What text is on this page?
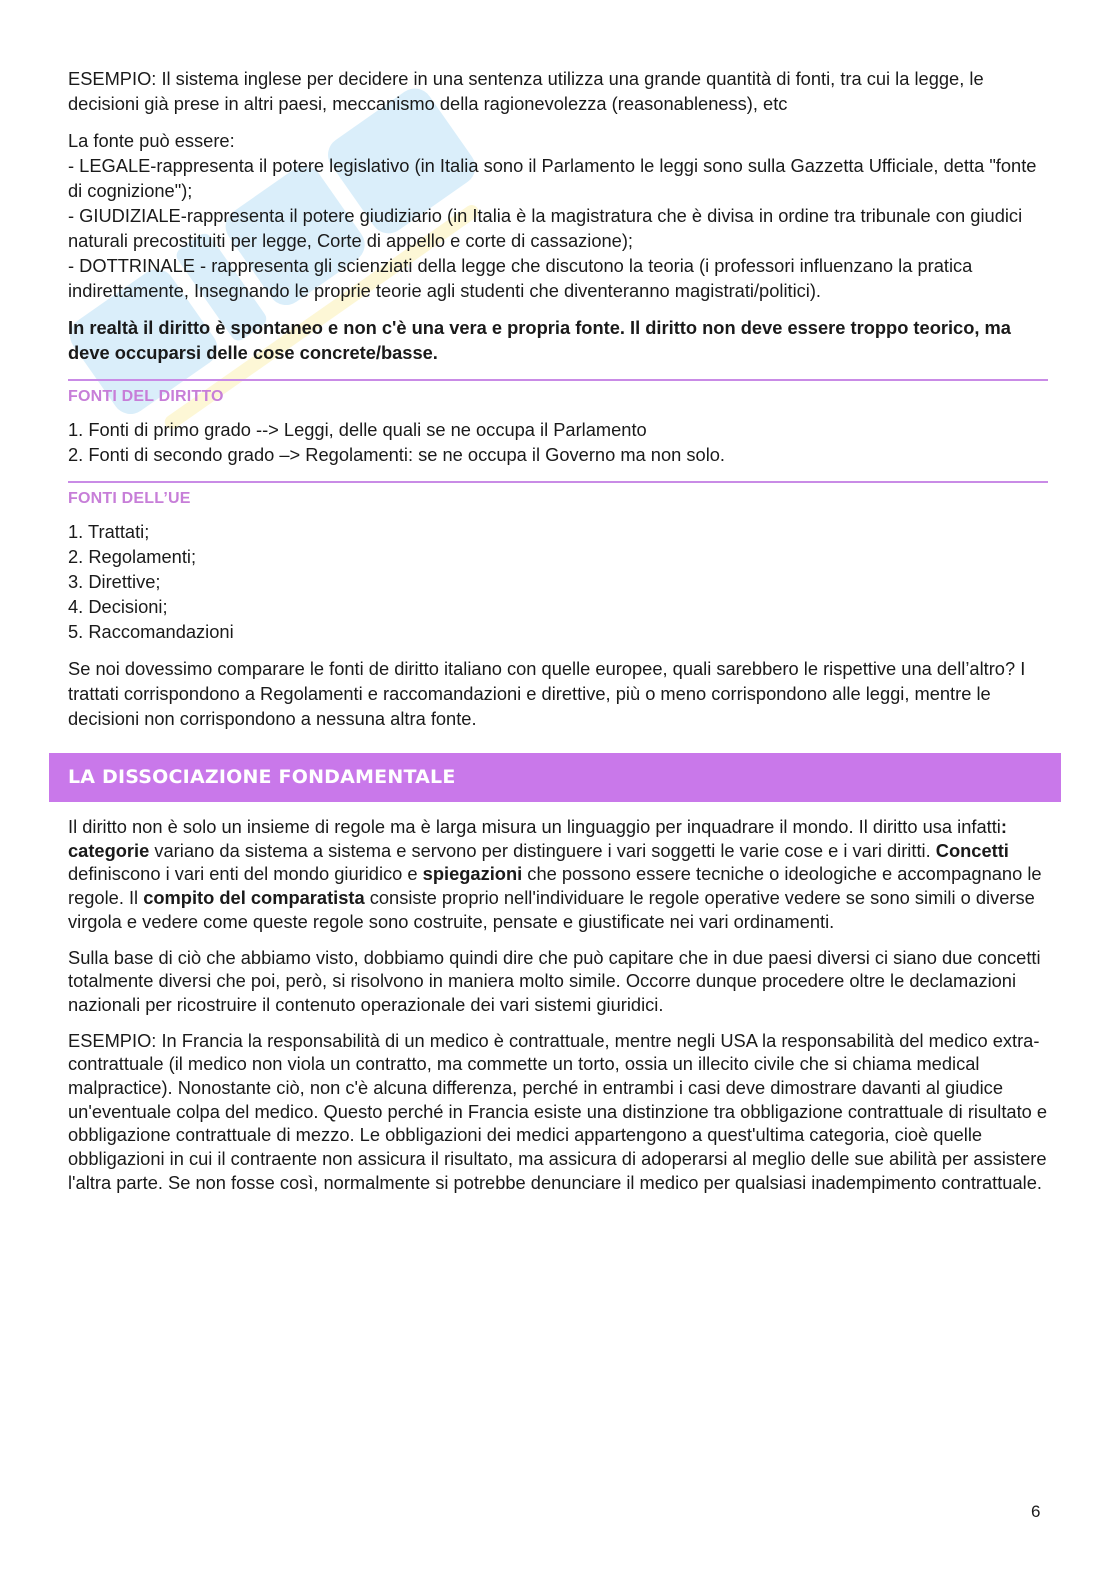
ESEMPIO: Il sistema inglese per decidere in una sentenza utilizza una grande quantità di fonti, tra cui la legge, le decisioni già prese in altri paesi, meccanismo della ragionevolezza (reasonableness), etc

La fonte può essere:

- LEGALE-rappresenta il potere legislativo (in Italia sono il Parlamento le leggi sono sulla Gazzetta Ufficiale, detta "fonte di cognizione");

- GIUDIZIALE-rappresenta il potere giudiziario (in Italia è la magistratura che è divisa in ordine tra tribunale con giudici naturali precostituiti per legge, Corte di appello e corte di cassazione);

- DOTTRINALE - rappresenta gli scienziati della legge che discutono la teoria (i professori influenzano la pratica indirettamente, Insegnando le proprie teorie agli studenti che diventeranno magistrati/politici).

In realtà il diritto è spontaneo e non c'è una vera e propria fonte. Il diritto non deve essere troppo teorico, ma deve occuparsi delle cose concrete/basse.

FONTI DEL DIRITTO

1. Fonti di primo grado --> Leggi, delle quali se ne occupa il Parlamento

2. Fonti di secondo grado –> Regolamenti: se ne occupa il Governo ma non solo.

FONTI DELL’UE

1. Trattati;

2. Regolamenti;

3. Direttive;

4. Decisioni;

5. Raccomandazioni

Se noi dovessimo comparare le fonti de diritto italiano con quelle europee, quali sarebbero le rispettive una dell’altro? I trattati corrispondono a Regolamenti e raccomandazioni e direttive, più o meno corrispondono alle leggi, mentre le decisioni non corrispondono a nessuna altra fonte.

LA DISSOCIAZIONE FONDAMENTALE

Il diritto non è solo un insieme di regole ma è larga misura un linguaggio per inquadrare il mondo. Il diritto usa infatti: categorie variano da sistema a sistema e servono per distinguere i vari soggetti le varie cose e i vari diritti. Concetti definiscono i vari enti del mondo giuridico e spiegazioni che possono essere tecniche o ideologiche e accompagnano le regole. Il compito del comparatista consiste proprio nell'individuare le regole operative vedere se sono simili o diverse virgola e vedere come queste regole sono costruite, pensate e giustificate nei vari ordinamenti.

Sulla base di ciò che abbiamo visto, dobbiamo quindi dire che può capitare che in due paesi diversi ci siano due concetti totalmente diversi che poi, però, si risolvono in maniera molto simile. Occorre dunque procedere oltre le declamazioni nazionali per ricostruire il contenuto operazionale dei vari sistemi giuridici.

ESEMPIO: In Francia la responsabilità di un medico è contrattuale, mentre negli USA la responsabilità del medico extra-contrattuale (il medico non viola un contratto, ma commette un torto, ossia un illecito civile che si chiama medical malpractice). Nonostante ciò, non c'è alcuna differenza, perché in entrambi i casi deve dimostrare davanti al giudice un'eventuale colpa del medico. Questo perché in Francia esiste una distinzione tra obbligazione contrattuale di risultato e obbligazione contrattuale di mezzo. Le obbligazioni dei medici appartengono a quest'ultima categoria, cioè quelle obbligazioni in cui il contraente non assicura il risultato, ma assicura di adoperarsi al meglio delle sue abilità per assistere l'altra parte. Se non fosse così, normalmente si potrebbe denunciare il medico per qualsiasi inadempimento contrattuale.

6
